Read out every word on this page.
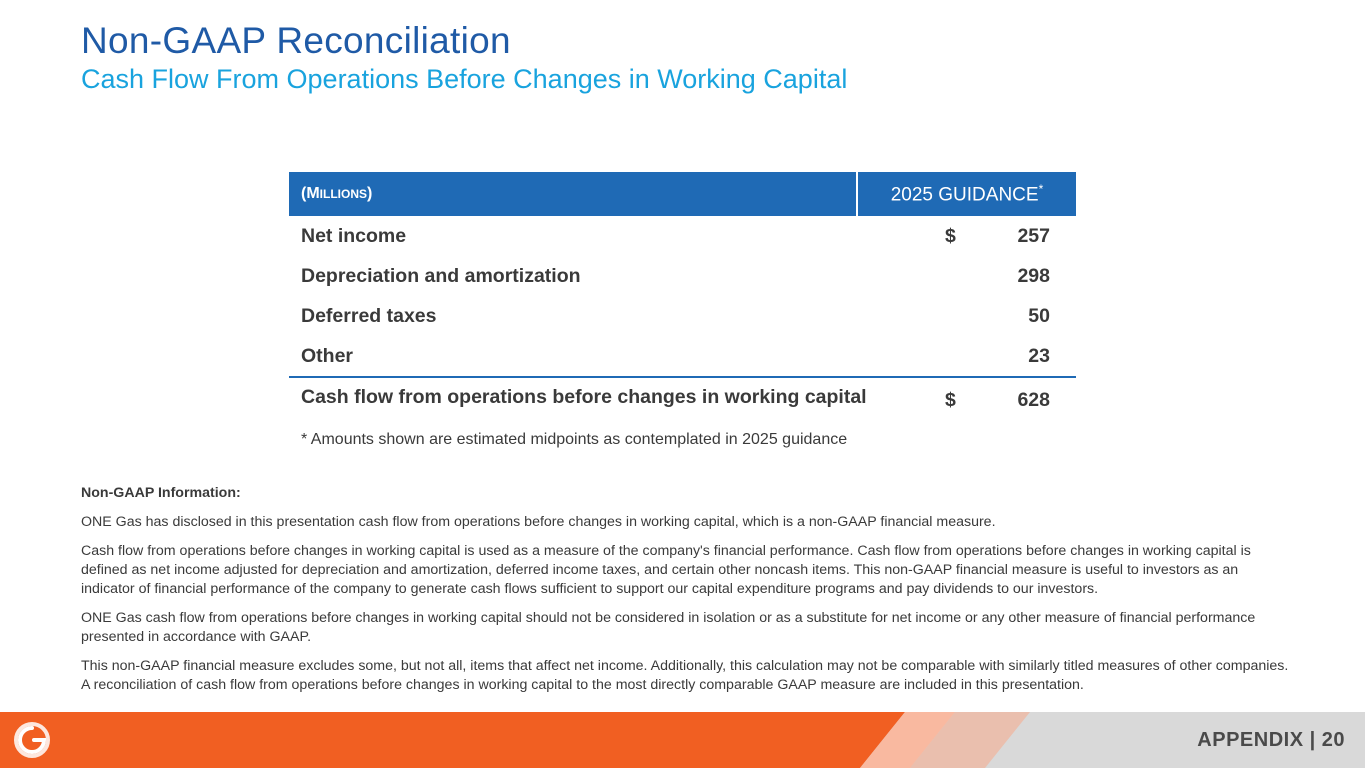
Non-GAAP Reconciliation
Cash Flow From Operations Before Changes in Working Capital
(MILLIONS)	2025 GUIDANCE*
Net income	$	257
Depreciation and amortization	298
Deferred taxes	50
Other	23
Cash flow from operations before changes in working capital	$	628
* Amounts shown are estimated midpoints as contemplated in 2025 guidance

Non-GAAP Information:

ONE Gas has disclosed in this presentation cash flow from operations before changes in working capital, which is a non-GAAP financial measure.

Cash flow from operations before changes in working capital is used as a measure of the company's financial performance. Cash flow from operations before changes in working capital is defined as net income adjusted for depreciation and amortization, deferred income taxes, and certain other noncash items. This non-GAAP financial measure is useful to investors as an indicator of financial performance of the company to generate cash flows sufficient to support our capital expenditure programs and pay dividends to our investors.

ONE Gas cash flow from operations before changes in working capital should not be considered in isolation or as a substitute for net income or any other measure of financial performance presented in accordance with GAAP.

This non-GAAP financial measure excludes some, but not all, items that affect net income. Additionally, this calculation may not be comparable with similarly titled measures of other companies. A reconciliation of cash flow from operations before changes in working capital to the most directly comparable GAAP measure are included in this presentation.

APPENDIX | 20
